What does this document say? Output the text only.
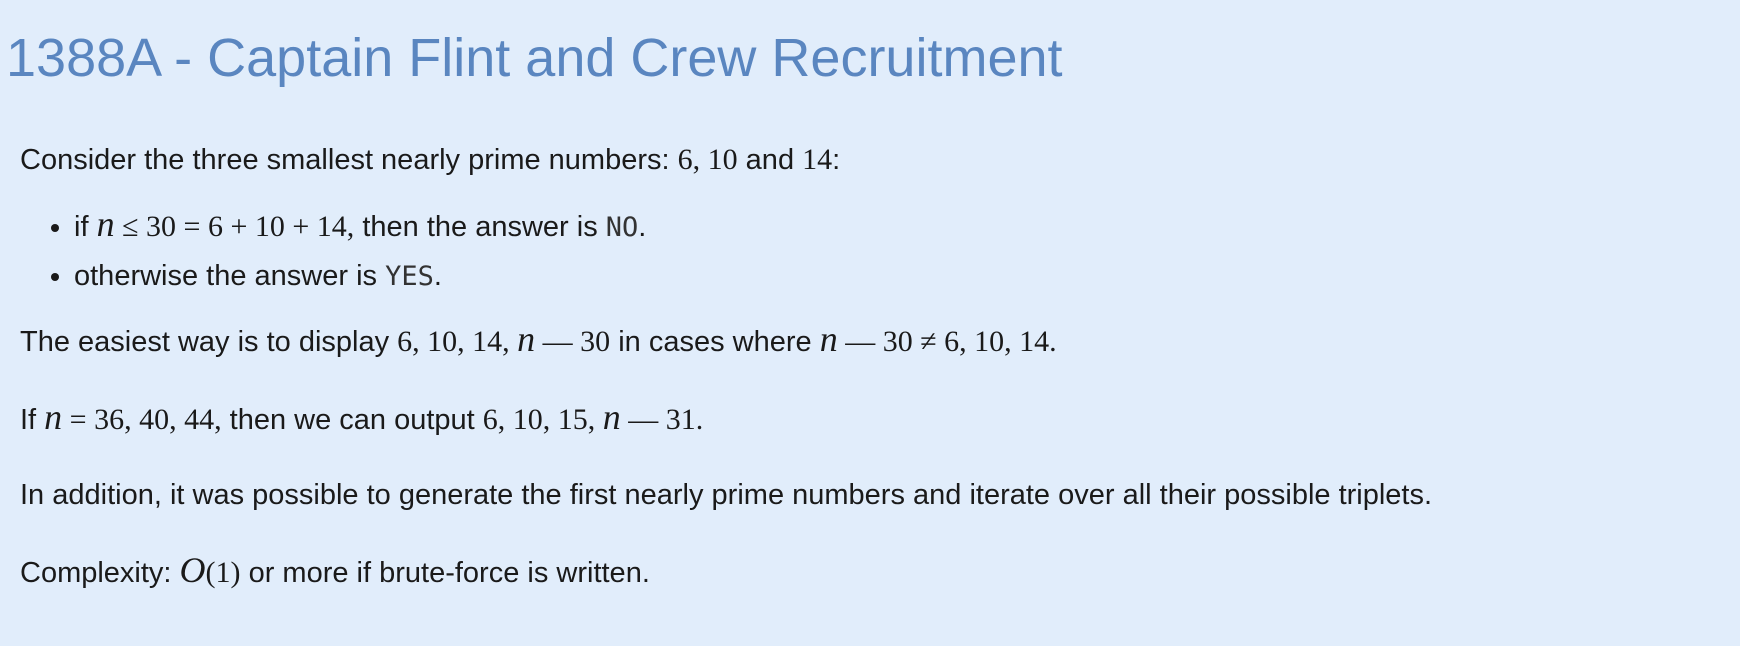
1388A - Captain Flint and Crew Recruitment

Consider the three smallest nearly prime numbers: 6, 10 and 14:

• if n ≤ 30 = 6 + 10 + 14, then the answer is NO.
• otherwise the answer is YES.

The easiest way is to display 6, 10, 14, n — 30 in cases where n — 30 ≠ 6, 10, 14.

If n = 36, 40, 44, then we can output 6, 10, 15, n — 31.

In addition, it was possible to generate the first nearly prime numbers and iterate over all their possible triplets.

Complexity: O(1) or more if brute-force is written.
